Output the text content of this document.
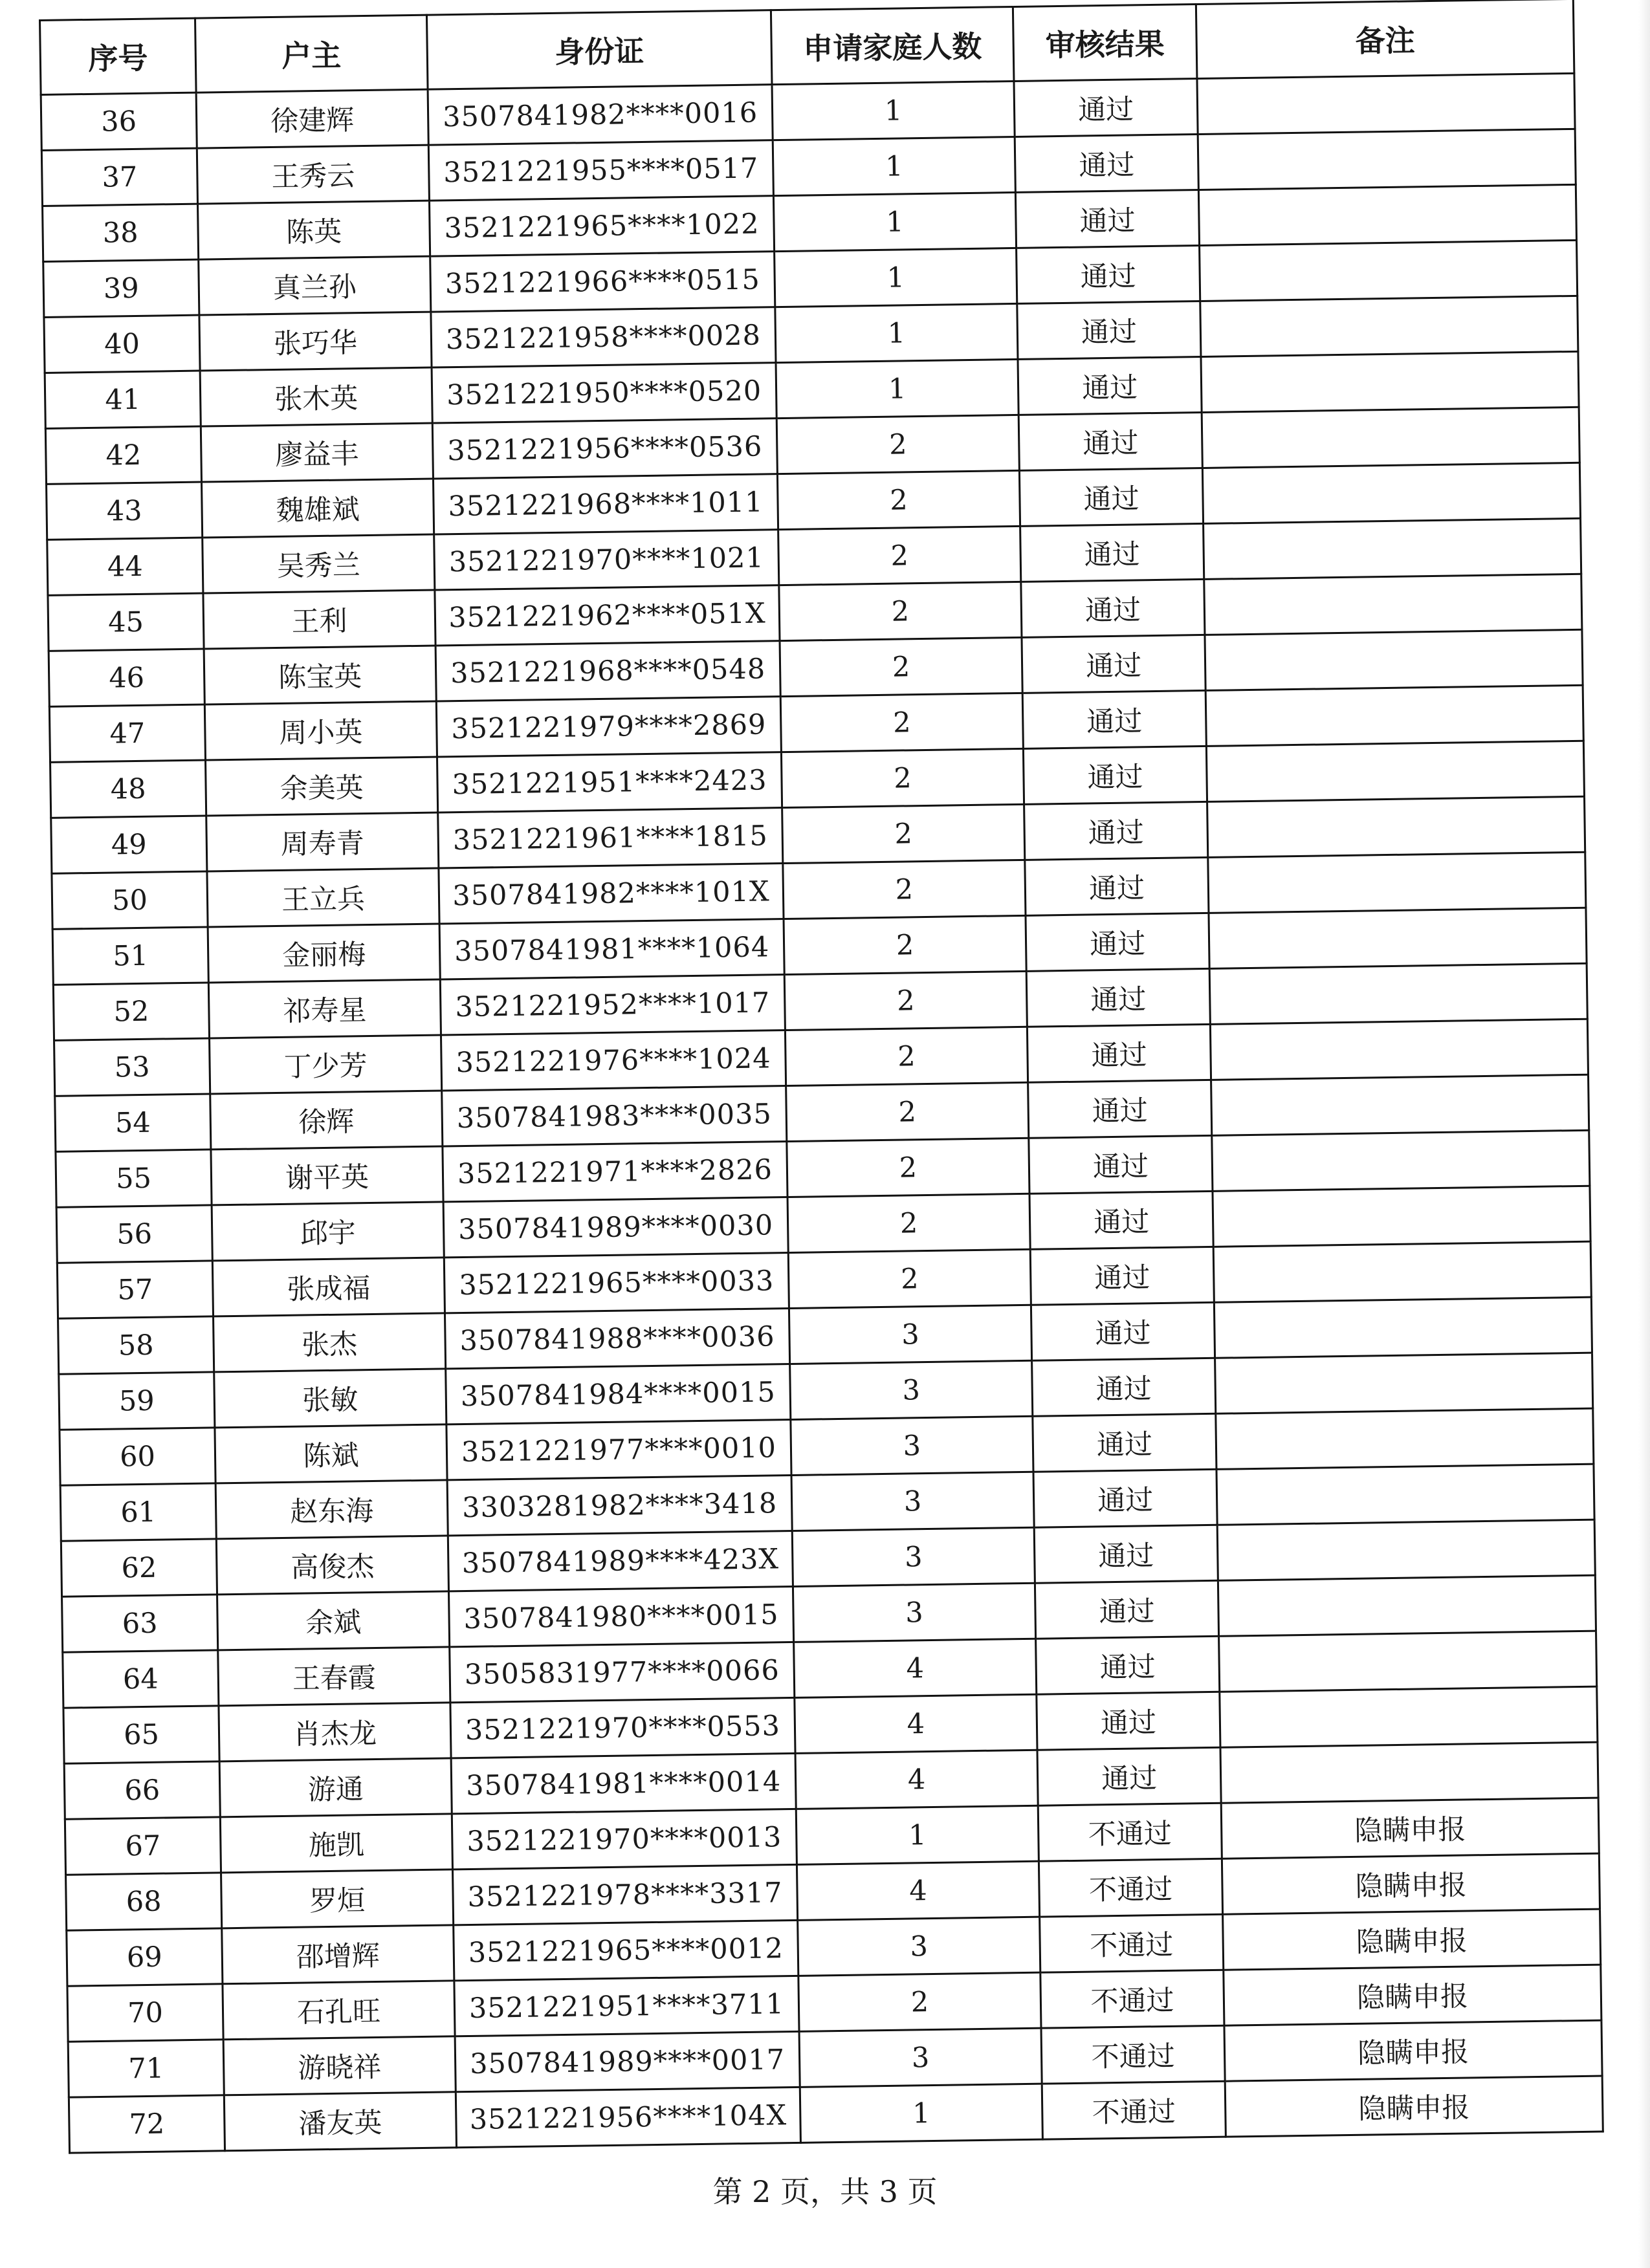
序号	户主	身份证	申请家庭人数	审核结果	备注
36	徐建辉	3507841982****0016	1	通过	
37	王秀云	3521221955****0517	1	通过	
38	陈英	3521221965****1022	1	通过	
39	真兰孙	3521221966****0515	1	通过	
40	张巧华	3521221958****0028	1	通过	
41	张木英	3521221950****0520	1	通过	
42	廖益丰	3521221956****0536	2	通过	
43	魏雄斌	3521221968****1011	2	通过	
44	吴秀兰	3521221970****1021	2	通过	
45	王利	3521221962****051X	2	通过	
46	陈宝英	3521221968****0548	2	通过	
47	周小英	3521221979****2869	2	通过	
48	余美英	3521221951****2423	2	通过	
49	周寿青	3521221961****1815	2	通过	
50	王立兵	3507841982****101X	2	通过	
51	金丽梅	3507841981****1064	2	通过	
52	祁寿星	3521221952****1017	2	通过	
53	丁少芳	3521221976****1024	2	通过	
54	徐辉	3507841983****0035	2	通过	
55	谢平英	3521221971****2826	2	通过	
56	邱宇	3507841989****0030	2	通过	
57	张成福	3521221965****0033	2	通过	
58	张杰	3507841988****0036	3	通过	
59	张敏	3507841984****0015	3	通过	
60	陈斌	3521221977****0010	3	通过	
61	赵东海	3303281982****3418	3	通过	
62	高俊杰	3507841989****423X	3	通过	
63	余斌	3507841980****0015	3	通过	
64	王春霞	3505831977****0066	4	通过	
65	肖杰龙	3521221970****0553	4	通过	
66	游通	3507841981****0014	4	通过	
67	施凯	3521221970****0013	1	不通过	隐瞒申报
68	罗烜	3521221978****3317	4	不通过	隐瞒申报
69	邵增辉	3521221965****0012	3	不通过	隐瞒申报
70	石孔旺	3521221951****3711	2	不通过	隐瞒申报
71	游晓祥	3507841989****0017	3	不通过	隐瞒申报
72	潘友英	3521221956****104X	1	不通过	隐瞒申报
第 2 页，共 3 页
